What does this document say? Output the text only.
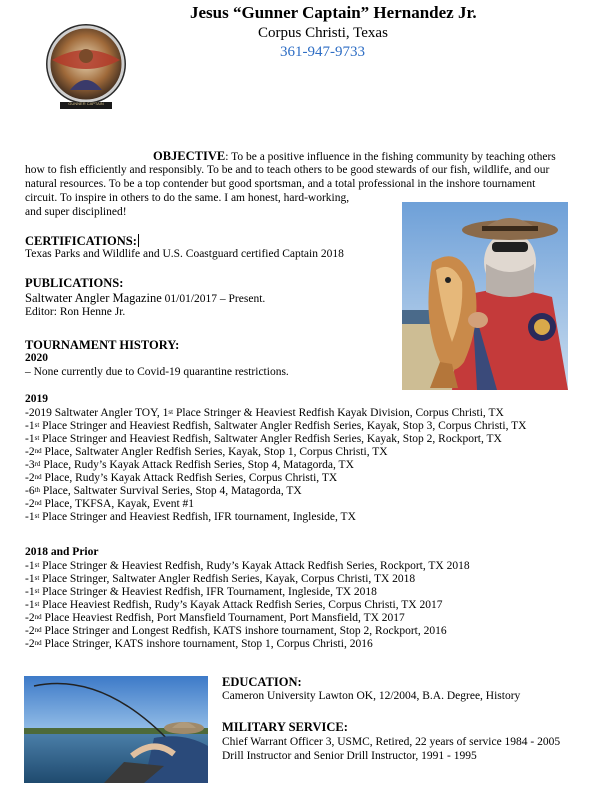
Jesus “Gunner Captain” Hernandez Jr.
Corpus Christi, Texas
361-947-9733
GUNNER CAPTAIN
OBJECTIVE: To be a positive influence in the fishing community by teaching others
how to fish efficiently and responsibly. To be and to teach others to be good stewards of our fish, wildlife, and our
natural resources. To be a top contender but good sportsman, and a total professional in the inshore tournament
circuit. To inspire in others to do the same. I am honest, hard-working,
and super disciplined!
CERTIFICATIONS:
Texas Parks and Wildlife and U.S. Coastguard certified Captain 2018
PUBLICATIONS:
Saltwater Angler Magazine 01/01/2017 – Present.
Editor: Ron Henne Jr.
TOURNAMENT HISTORY:
2020
– None currently due to Covid-19 quarantine restrictions.
2019
-2019 Saltwater Angler TOY, 1st Place Stringer & Heaviest Redfish Kayak Division, Corpus Christi, TX
-1st Place Stringer and Heaviest Redfish, Saltwater Angler Redfish Series, Kayak, Stop 3, Corpus Christi, TX
-1st Place Stringer and Heaviest Redfish, Saltwater Angler Redfish Series, Kayak, Stop 2, Rockport, TX
-2nd Place, Saltwater Angler Redfish Series, Kayak, Stop 1, Corpus Christi, TX
-3rd Place, Rudy’s Kayak Attack Redfish Series, Stop 4, Matagorda, TX
-2nd Place, Rudy’s Kayak Attack Redfish Series, Corpus Christi, TX
-6th Place, Saltwater Survival Series, Stop 4, Matagorda, TX
-2nd Place, TKFSA, Kayak, Event #1
-1st Place Stringer and Heaviest Redfish, IFR tournament, Ingleside, TX
2018 and Prior
-1st Place Stringer & Heaviest Redfish, Rudy’s Kayak Attack Redfish Series, Rockport, TX 2018
-1st Place Stringer, Saltwater Angler Redfish Series, Kayak, Corpus Christi, TX 2018
-1st Place Stringer & Heaviest Redfish, IFR Tournament, Ingleside, TX 2018
-1st Place Heaviest Redfish, Rudy’s Kayak Attack Redfish Series, Corpus Christi, TX 2017
-2nd Place Heaviest Redfish, Port Mansfield Tournament, Port Mansfield, TX 2017
-2nd Place Stringer and Longest Redfish, KATS inshore tournament, Stop 2, Rockport, 2016
-2nd Place Stringer, KATS inshore tournament, Stop 1, Corpus Christi, 2016
EDUCATION:
Cameron University Lawton OK, 12/2004, B.A. Degree, History
MILITARY SERVICE:
Chief Warrant Officer 3, USMC, Retired, 22 years of service 1984 - 2005
Drill Instructor and Senior Drill Instructor, 1991 - 1995
